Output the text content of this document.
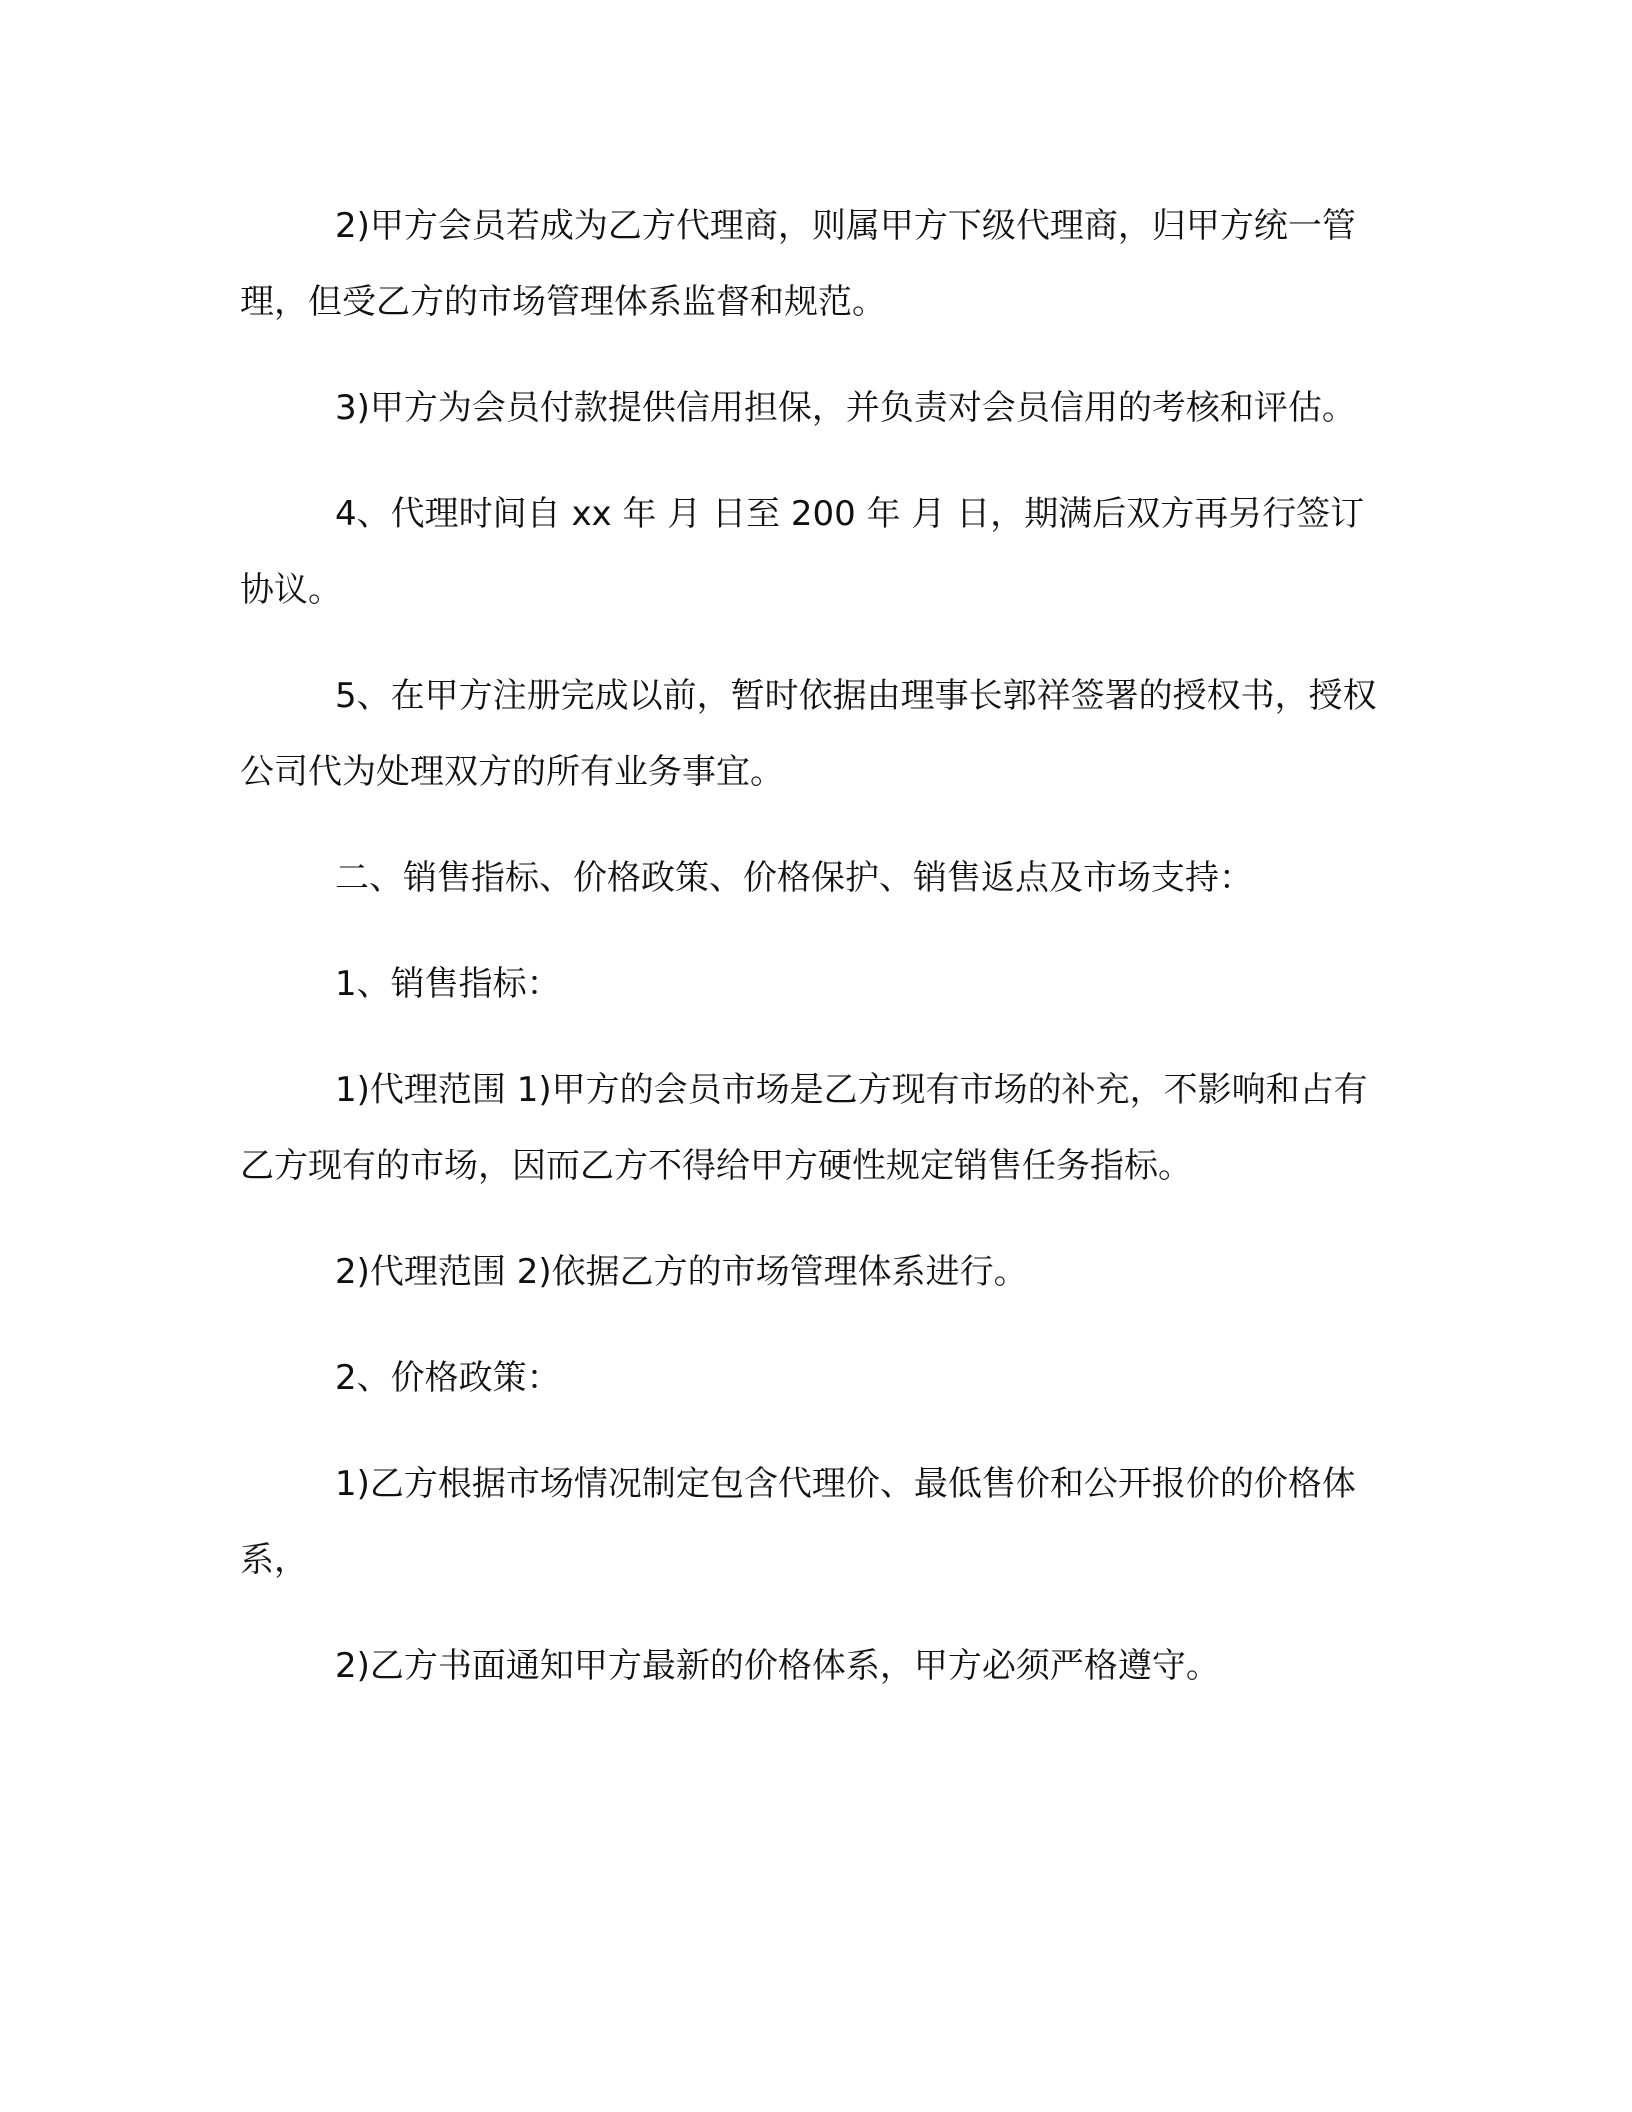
2)甲方会员若成为乙方代理商，则属甲方下级代理商，归甲方统一管理，但受乙方的市场管理体系监督和规范。

3)甲方为会员付款提供信用担保，并负责对会员信用的考核和评估。

4、代理时间自 xx 年 月 日至 200 年 月 日，期满后双方再另行签订协议。

5、在甲方注册完成以前，暂时依据由理事长郭祥签署的授权书，授权 公司代为处理双方的所有业务事宜。

二、销售指标、价格政策、价格保护、销售返点及市场支持：

1、销售指标：

1)代理范围 1)甲方的会员市场是乙方现有市场的补充，不影响和占有乙方现有的市场，因而乙方不得给甲方硬性规定销售任务指标。

2)代理范围 2)依据乙方的市场管理体系进行。

2、价格政策：

1)乙方根据市场情况制定包含代理价、最低售价和公开报价的价格体系，

2)乙方书面通知甲方最新的价格体系，甲方必须严格遵守。
